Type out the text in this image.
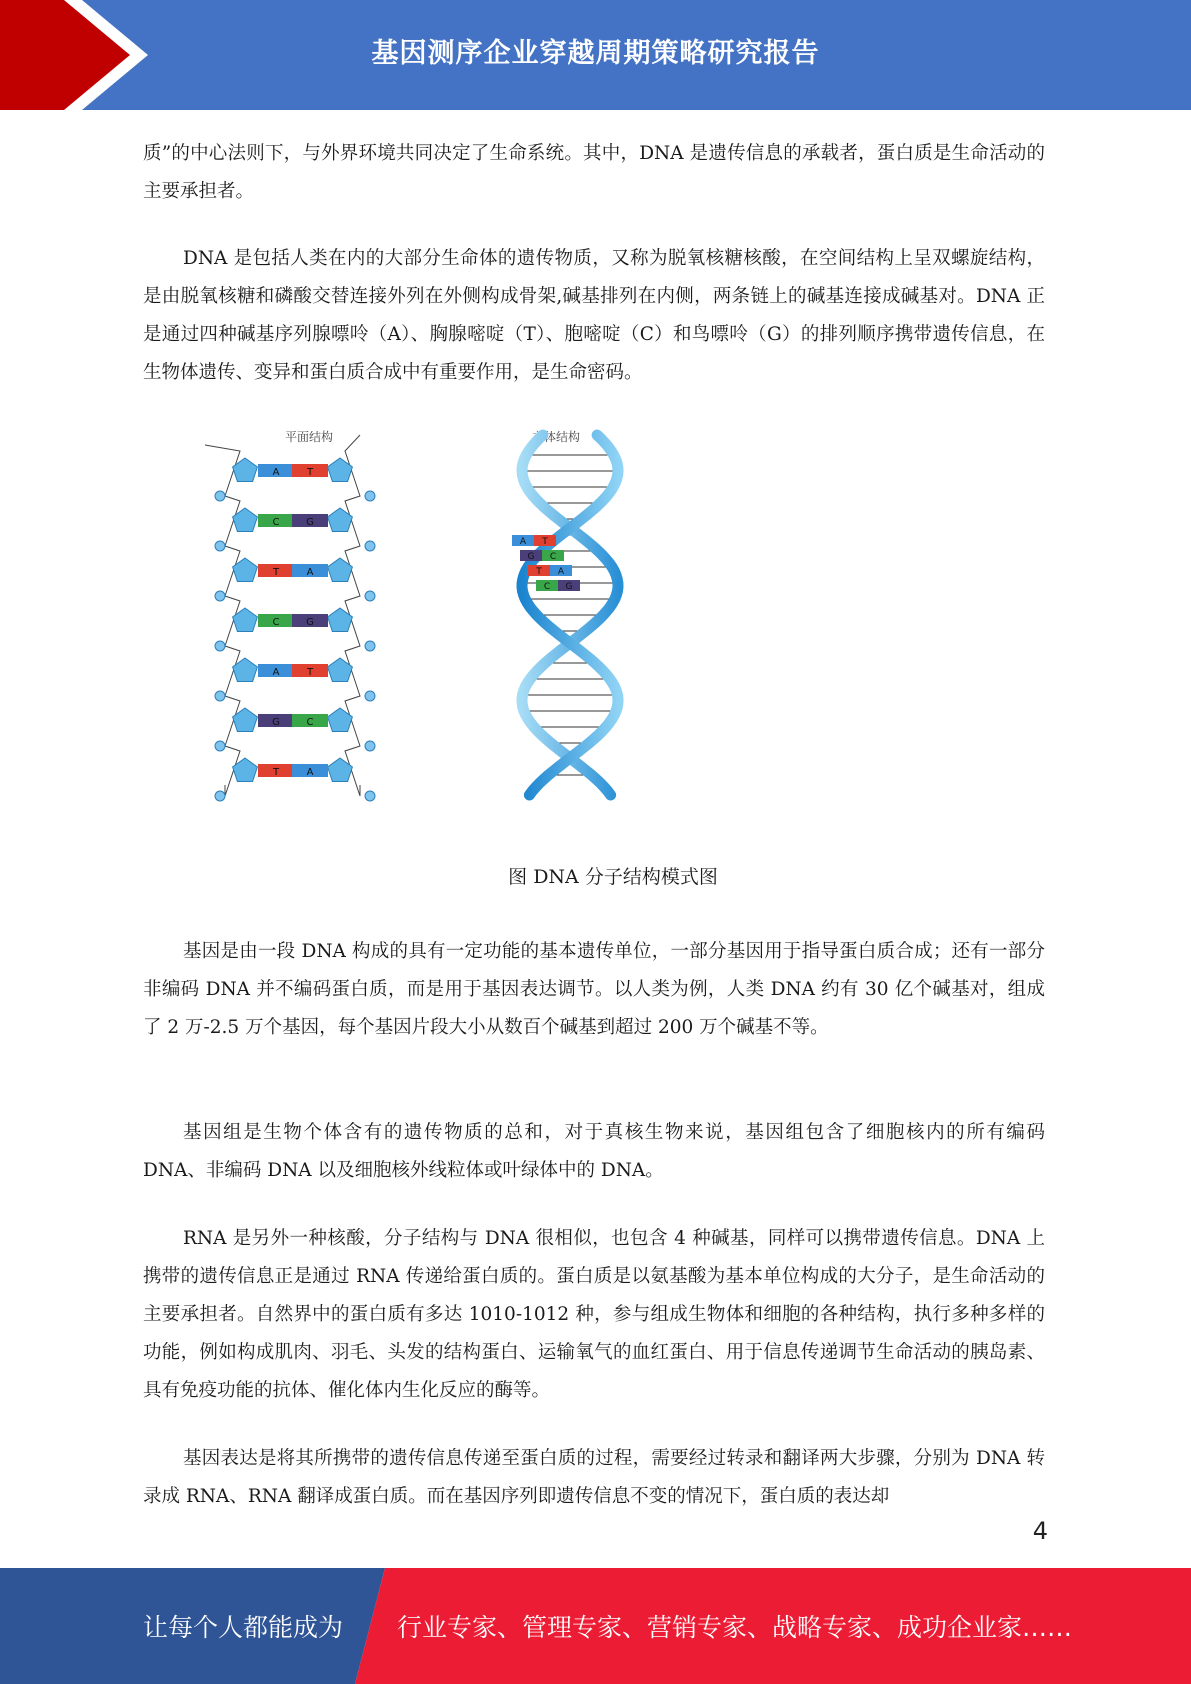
基因测序企业穿越周期策略研究报告

质”的中心法则下，与外界环境共同决定了生命系统。其中，DNA 是遗传信息的承载者，蛋白质是生命活动的主要承担者。

DNA 是包括人类在内的大部分生命体的遗传物质，又称为脱氧核糖核酸，在空间结构上呈双螺旋结构，是由脱氧核糖和磷酸交替连接外列在外侧构成骨架,碱基排列在内侧，两条链上的碱基连接成碱基对。DNA 正是通过四种碱基序列腺嘌呤（A）、胸腺嘧啶（T）、胞嘧啶（C）和鸟嘌呤（G）的排列顺序携带遗传信息，在生物体遗传、变异和蛋白质合成中有重要作用，是生命密码。

平面结构
A	T
C	G
T	A
C	G
A	T
G	C
T	A
立体结构
A T
G C
T A
C G
图 DNA 分子结构模式图

基因是由一段 DNA 构成的具有一定功能的基本遗传单位，一部分基因用于指导蛋白质合成；还有一部分非编码 DNA 并不编码蛋白质，而是用于基因表达调节。以人类为例，人类 DNA 约有 30 亿个碱基对，组成了 2 万-2.5 万个基因，每个基因片段大小从数百个碱基到超过 200 万个碱基不等。

基因组是生物个体含有的遗传物质的总和，对于真核生物来说，基因组包含了细胞核内的所有编码 DNA、非编码 DNA 以及细胞核外线粒体或叶绿体中的 DNA。

RNA 是另外一种核酸，分子结构与 DNA 很相似，也包含 4 种碱基，同样可以携带遗传信息。DNA 上携带的遗传信息正是通过 RNA 传递给蛋白质的。蛋白质是以氨基酸为基本单位构成的大分子，是生命活动的主要承担者。自然界中的蛋白质有多达 1010-1012 种，参与组成生物体和细胞的各种结构，执行多种多样的功能，例如构成肌肉、羽毛、头发的结构蛋白、运输氧气的血红蛋白、用于信息传递调节生命活动的胰岛素、具有免疫功能的抗体、催化体内生化反应的酶等。

基因表达是将其所携带的遗传信息传递至蛋白质的过程，需要经过转录和翻译两大步骤，分别为 DNA 转录成 RNA、RNA 翻译成蛋白质。而在基因序列即遗传信息不变的情况下，蛋白质的表达却

4
让每个人都能成为 行业专家、管理专家、营销专家、战略专家、成功企业家……
